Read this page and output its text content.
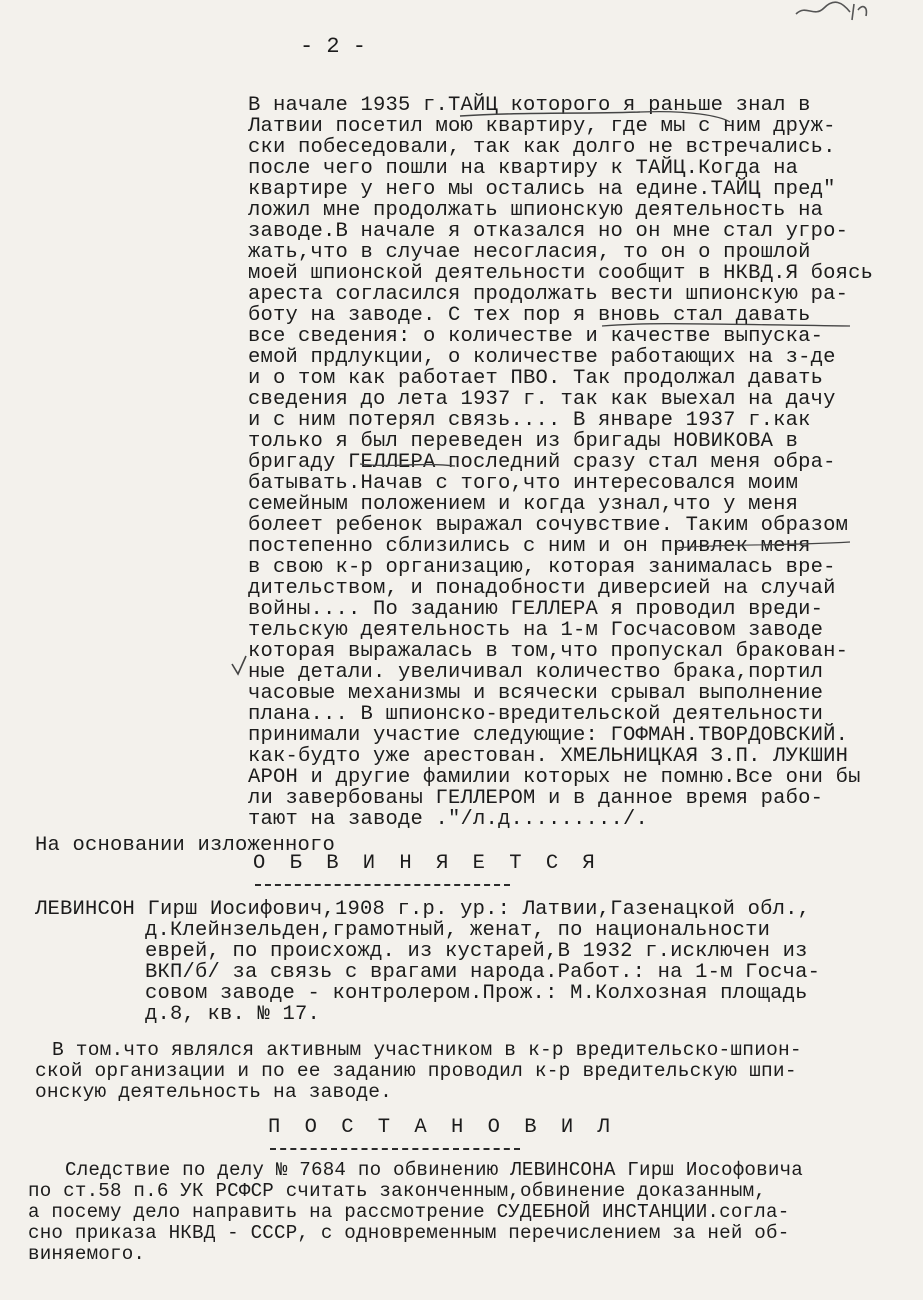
- 2 -
В начале 1935 г.ТАЙЦ которого я раньше знал в
Латвии посетил мою квартиру, где мы с ним друж-
ски побеседовали, так как долго не встречались.
после чего пошли на квартиру к ТАЙЦ.Когда на
квартире у него мы остались на едине.ТАЙЦ пред"
ложил мне продолжать шпионскую деятельность на
заводе.В начале я отказался но он мне стал угро-
жать,что в случае несогласия, то он о прошлой
моей шпионской деятельности сообщит в НКВД.Я боясь
ареста согласился продолжать вести шпионскую ра-
боту на заводе. С тех пор я вновь стал давать
все сведения: о количестве и качестве выпуска-
емой прдлукции, о количестве работающих на з-де
и о том как работает ПВО. Так продолжал давать
сведения до лета 1937 г. так как выехал на дачу
и с ним потерял связь.... В январе 1937 г.как
только я был переведен из бригады НОВИКОВА в
бригаду ГЕЛЛЕРА последний сразу стал меня обра-
батывать.Начав с того,что интересовался моим
семейным положением и когда узнал,что у меня
болеет ребенок выражал сочувствие. Таким образом
постепенно сблизились с ним и он привлек меня
в свою к-р организацию, которая занималась вре-
дительством, и понадобности диверсией на случай
войны.... По заданию ГЕЛЛЕРА я проводил вреди-
тельскую деятельность на 1-м Госчасовом заводе
которая выражалась в том,что пропускал бракован-
ные детали. увеличивал количество брака,портил
часовые механизмы и всячески срывал выполнение
плана... В шпионско-вредительской деятельности
принимали участие следующие: ГОФМАН.ТВОРДОВСКИЙ.
как-будто уже арестован. ХМЕЛЬНИЦКАЯ З.П. ЛУКШИН
АРОН и другие фамилии которых не помню.Все они бы
ли завербованы ГЕЛЛЕРОМ и в данное время рабо-
тают на заводе ."/л.д........./.
На основании изложенного
О Б В И Н Я Е Т С Я
ЛЕВИНСОН Гирш Иосифович,1908 г.р. ур.: Латвии,Газенацкой обл.,
д.Клейнзельден,грамотный, женат, по национальности
еврей, по происхожд. из кустарей,В 1932 г.исключен из
ВКП/б/ за связь с врагами народа.Работ.: на 1-м Госча-
совом заводе - контролером.Прож.: М.Колхозная площадь
д.8, кв. № 17.
В том.что являлся активным участником в к-р вредительско-шпион-
ской организации и по ее заданию проводил к-р вредительскую шпи-
онскую деятельность на заводе.
П О С Т А Н О В И Л
Следствие по делу № 7684 по обвинению ЛЕВИНСОНА Гирш Иософовича
по ст.58 п.6 УК РСФСР считать законченным,обвинение доказанным,
а посему дело направить на рассмотрение СУДЕБНОЙ ИНСТАНЦИИ.согла-
сно приказа НКВД - СССР, с одновременным перечислением за ней об-
виняемого.
